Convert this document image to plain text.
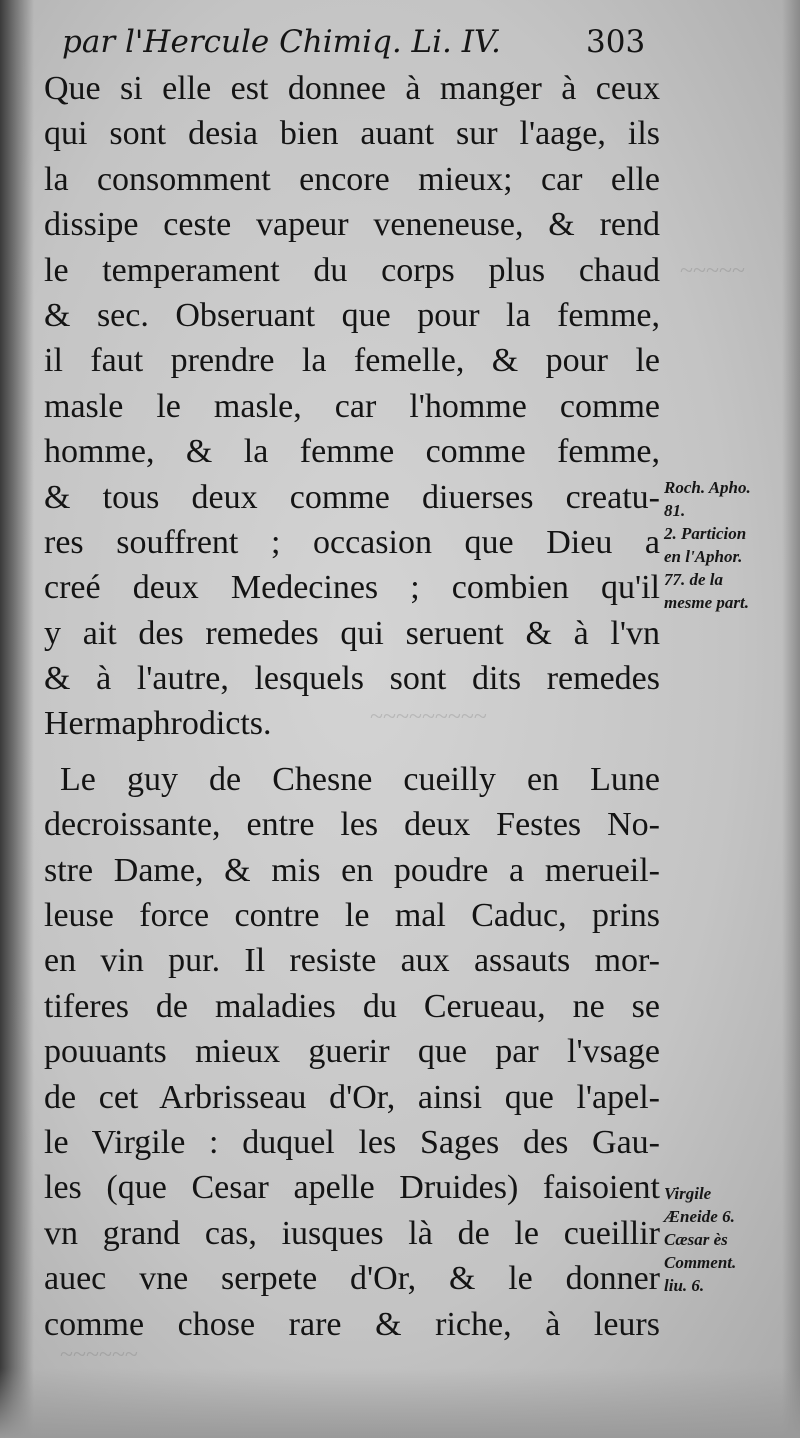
~~~~~
~~~~~~~~~
~~~~~~
par l'Hercule Chimiq. Li. IV.	303
Que si elle est donnee à manger à ceux
qui sont desia bien auant sur l'aage, ils
la consomment encore mieux; car elle
dissipe ceste vapeur veneneuse, & rend
le temperament du corps plus chaud
& sec. Obseruant que pour la femme,
il faut prendre la femelle, & pour le
masle le masle, car l'homme comme
homme, & la femme comme femme,
& tous deux comme diuerses creatu-
res souffrent ; occasion que Dieu a
creé deux Medecines ; combien qu'il
y ait des remedes qui seruent & à l'vn
& à l'autre, lesquels sont dits remedes
Hermaphrodicts.
Le guy de Chesne cueilly en Lune
decroissante, entre les deux Festes No-
stre Dame, & mis en poudre a merueil-
leuse force contre le mal Caduc, prins
en vin pur. Il resiste aux assauts mor-
tiferes de maladies du Cerueau, ne se
pouuants mieux guerir que par l'vsage
de cet Arbrisseau d'Or, ainsi que l'apel-
le Virgile : duquel les Sages des Gau-
les (que Cesar apelle Druides) faisoient
vn grand cas, iusques là de le cueillir
auec vne serpete d'Or, & le donner
comme chose rare & riche, à leurs
Roch. Apho.
81.
2. Particion
en l'Aphor.
77. de la
mesme part.
Virgile
Æneide 6.
Cæsar ès
Comment.
liu. 6.
